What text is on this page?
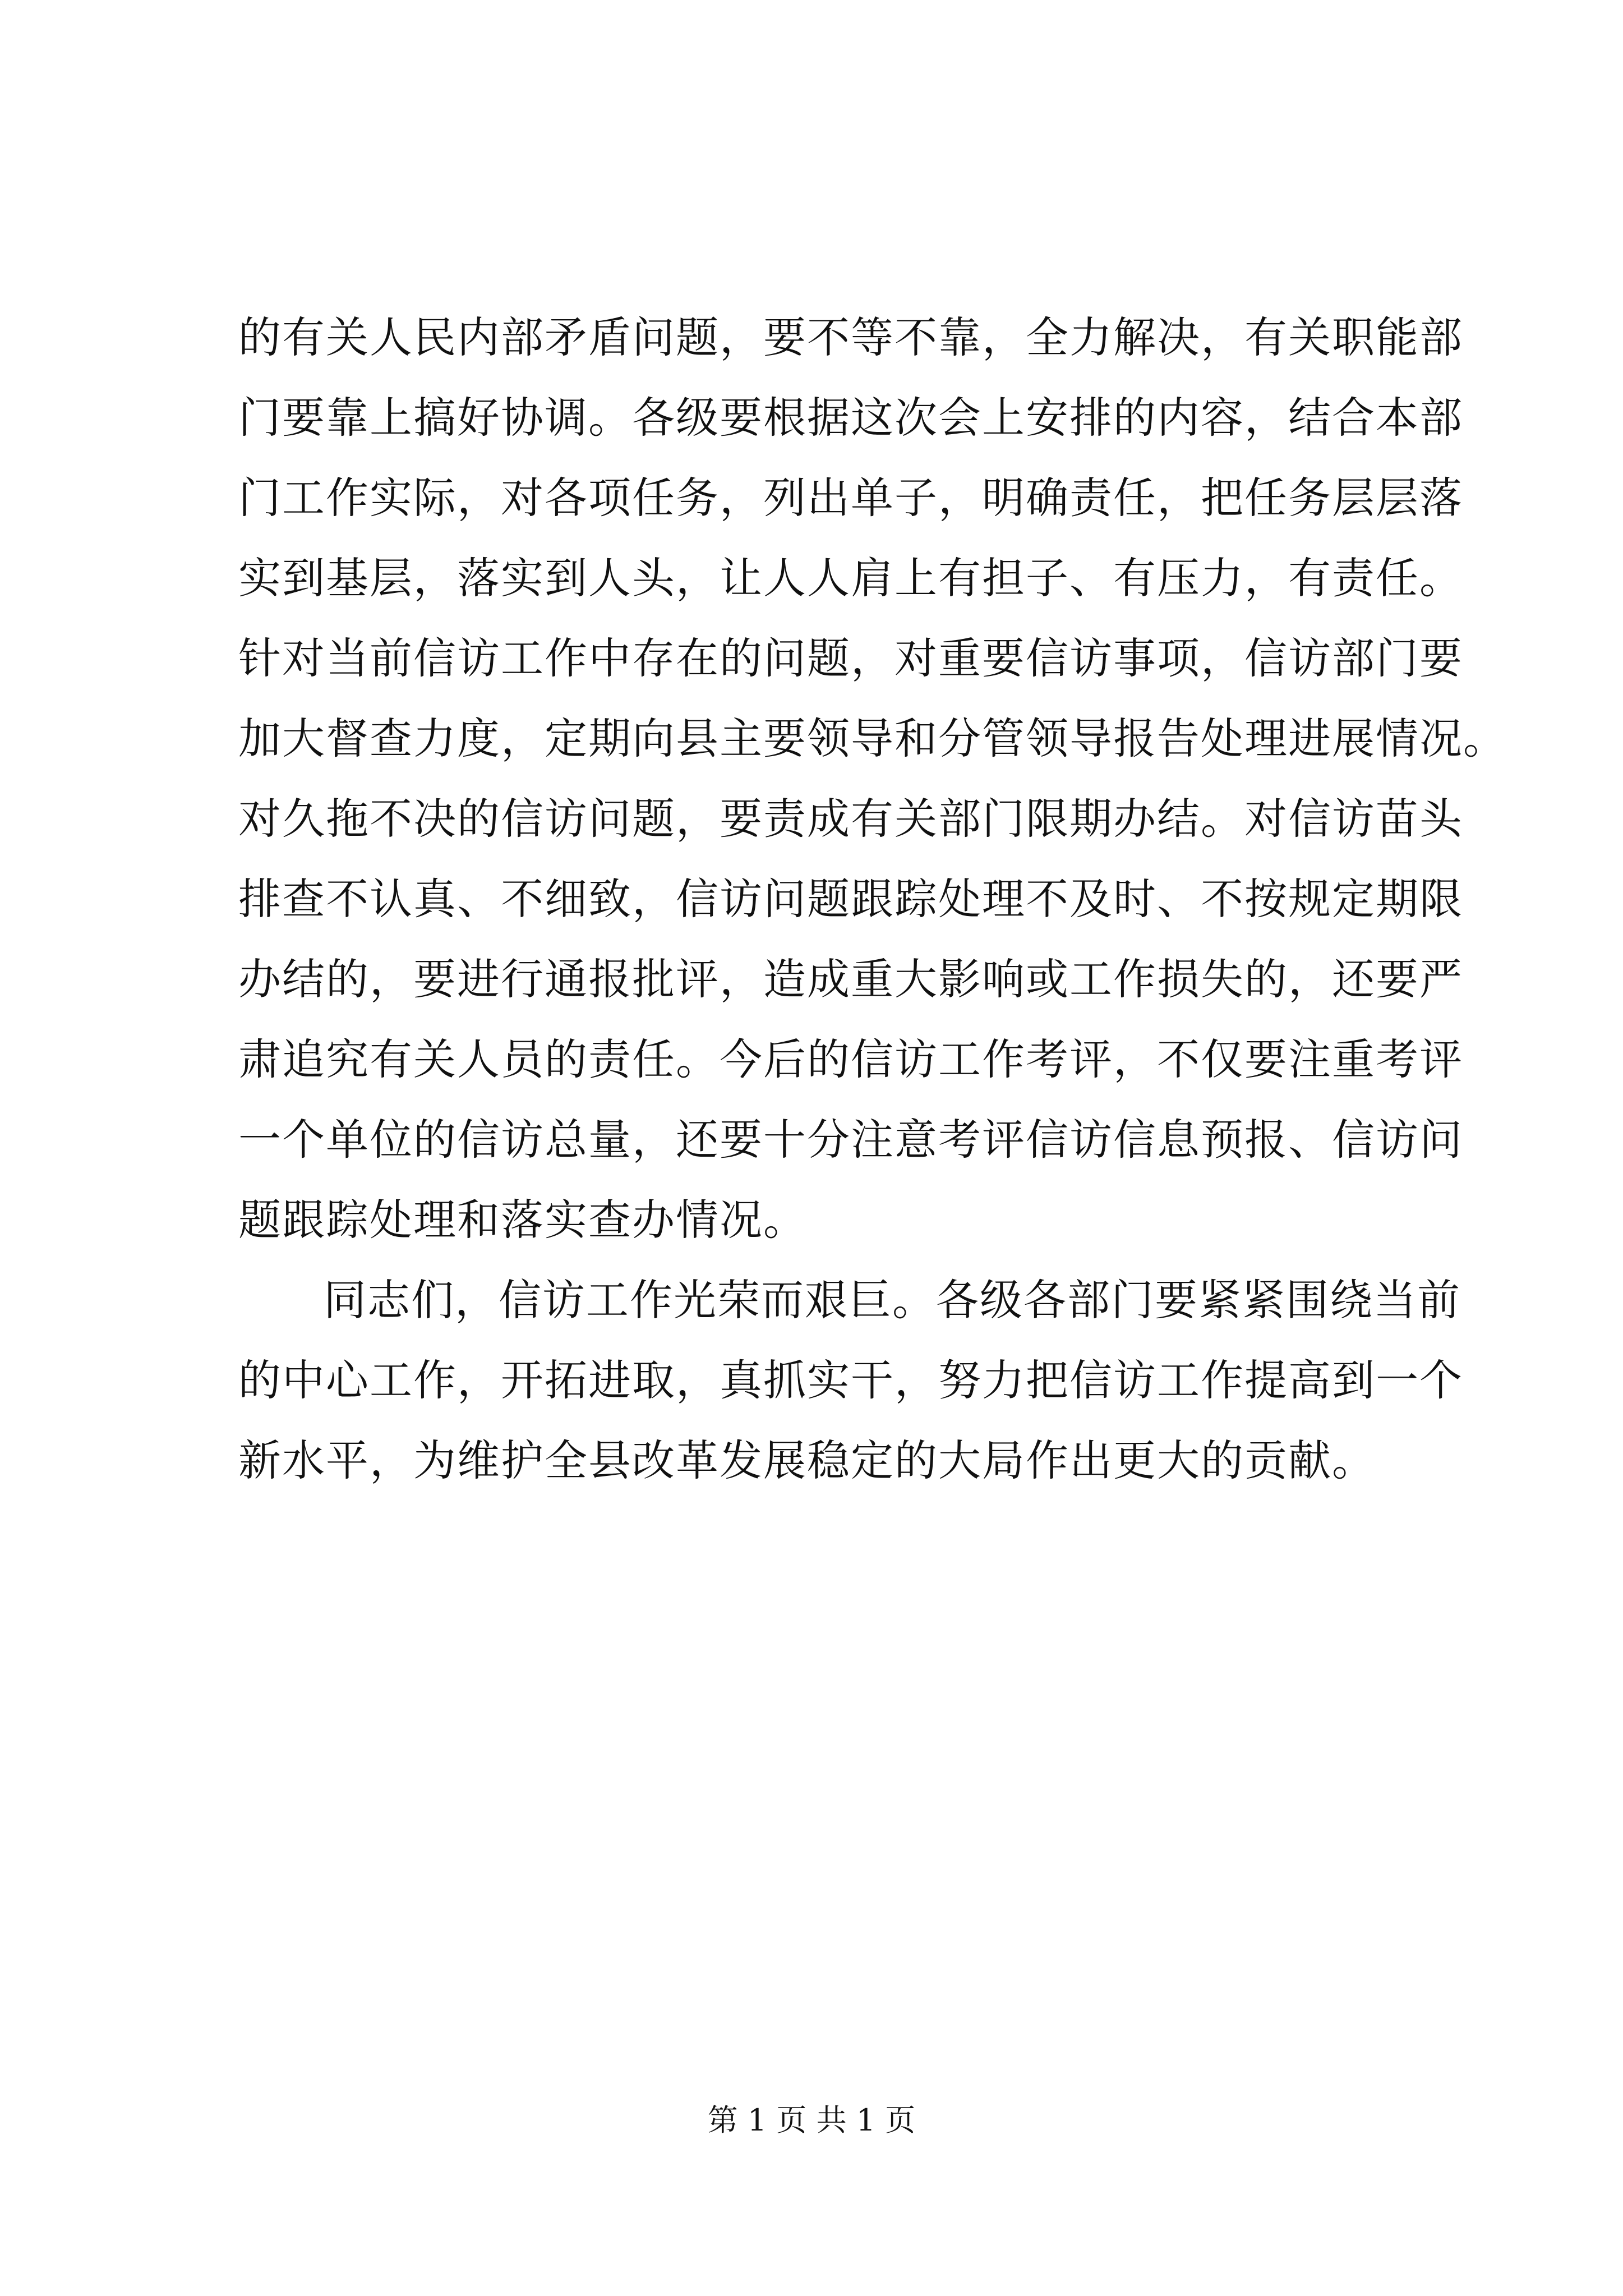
的有关人民内部矛盾问题，要不等不靠，全力解决，有关职能部
门要靠上搞好协调。各级要根据这次会上安排的内容，结合本部
门工作实际，对各项任务，列出单子，明确责任，把任务层层落
实到基层，落实到人头，让人人肩上有担子、有压力，有责任。
针对当前信访工作中存在的问题，对重要信访事项，信访部门要
加大督查力度，定期向县主要领导和分管领导报告处理进展情况。
对久拖不决的信访问题，要责成有关部门限期办结。对信访苗头
排查不认真、不细致，信访问题跟踪处理不及时、不按规定期限
办结的，要进行通报批评，造成重大影响或工作损失的，还要严
肃追究有关人员的责任。今后的信访工作考评，不仅要注重考评
一个单位的信访总量，还要十分注意考评信访信息预报、信访问
题跟踪处理和落实查办情况。
同志们，信访工作光荣而艰巨。各级各部门要紧紧围绕当前
的中心工作，开拓进取，真抓实干，努力把信访工作提高到一个
新水平，为维护全县改革发展稳定的大局作出更大的贡献。
第 1 页 共 1 页
